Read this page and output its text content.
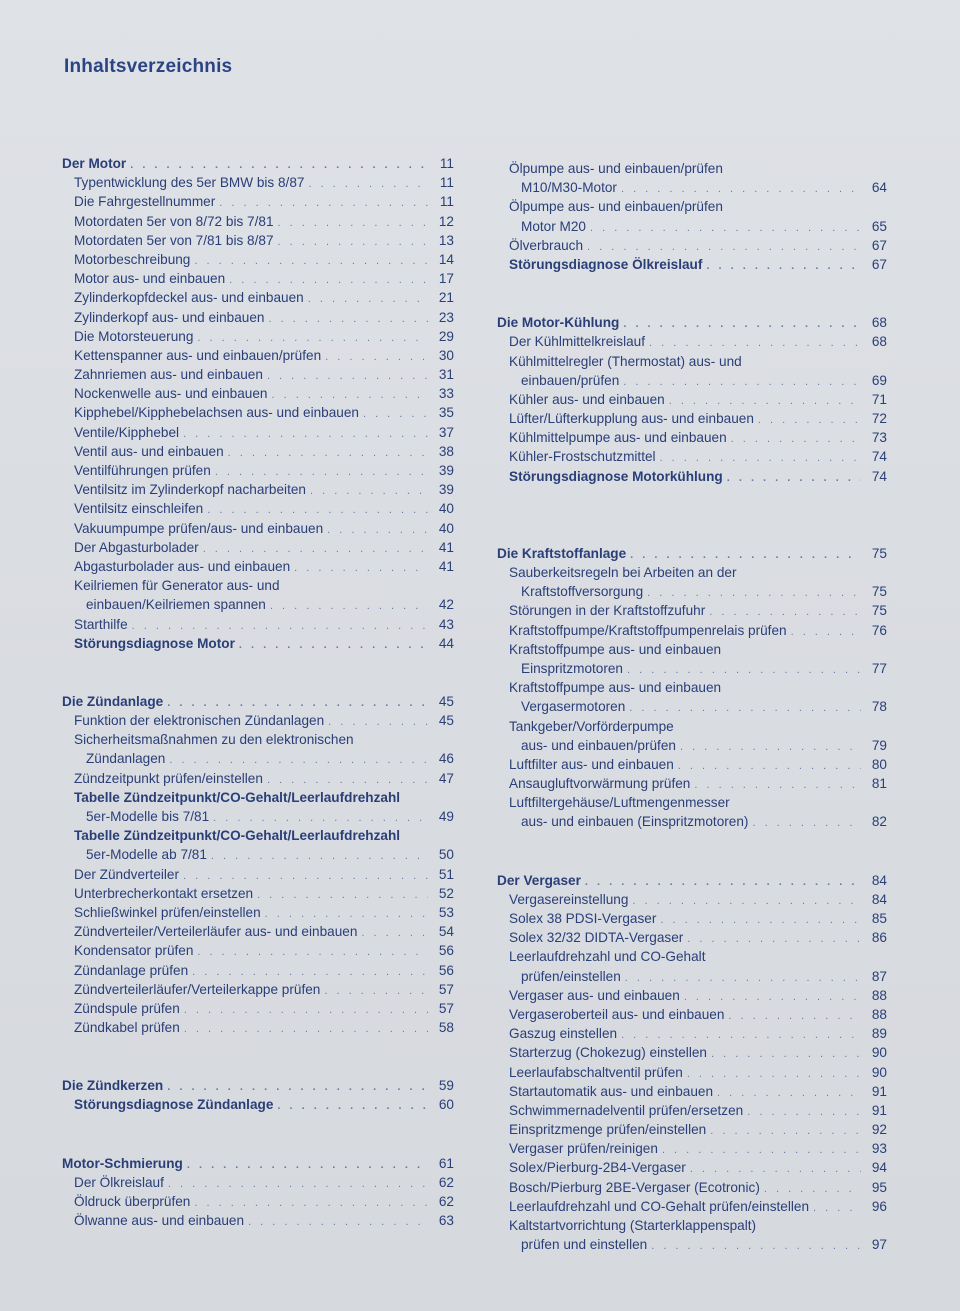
Inhaltsverzeichnis
Der Motor . . .	11
Typentwicklung des 5er BMW bis 8/87 . . .	11
Die Fahrgestellnummer . . .	11
Motordaten 5er von 8/72 bis 7/81 . . .	12
Motordaten 5er von 7/81 bis 8/87 . . .	13
Motorbeschreibung . . .	14
Motor aus- und einbauen . . .	17
Zylinderkopfdeckel aus- und einbauen . . .	21
Zylinderkopf aus- und einbauen . . .	23
Die Motorsteuerung . . .	29
Kettenspanner aus- und einbauen/prüfen . . .	30
Zahnriemen aus- und einbauen . . .	31
Nockenwelle aus- und einbauen . . .	33
Kipphebel/Kipphebelachsen aus- und einbauen . . .	35
Ventile/Kipphebel . . .	37
Ventil aus- und einbauen . . .	38
Ventilführungen prüfen . . .	39
Ventilsitz im Zylinderkopf nacharbeiten . . .	39
Ventilsitz einschleifen . . .	40
Vakuumpumpe prüfen/aus- und einbauen . . .	40
Der Abgasturbolader . . .	41
Abgasturbolader aus- und einbauen . . .	41
Keilriemen für Generator aus- und
einbauen/Keilriemen spannen . . .	42
Starthilfe . . .	43
Störungsdiagnose Motor . . .	44
Die Zündanlage . . .	45
Funktion der elektronischen Zündanlagen . . .	45
Sicherheitsmaßnahmen zu den elektronischen
Zündanlagen . . .	46
Zündzeitpunkt prüfen/einstellen . . .	47
Tabelle Zündzeitpunkt/CO-Gehalt/Leerlaufdrehzahl
5er-Modelle bis 7/81 . . .	49
Tabelle Zündzeitpunkt/CO-Gehalt/Leerlaufdrehzahl
5er-Modelle ab 7/81 . . .	50
Der Zündverteiler . . .	51
Unterbrecherkontakt ersetzen . . .	52
Schließwinkel prüfen/einstellen . . .	53
Zündverteiler/Verteilerläufer aus- und einbauen . . .	54
Kondensator prüfen . . .	56
Zündanlage prüfen . . .	56
Zündverteilerläufer/Verteilerkappe prüfen . . .	57
Zündspule prüfen . . .	57
Zündkabel prüfen . . .	58
Die Zündkerzen . . .	59
Störungsdiagnose Zündanlage . . .	60
Motor-Schmierung . . .	61
Der Ölkreislauf . . .	62
Öldruck überprüfen . . .	62
Ölwanne aus- und einbauen . . .	63
Ölpumpe aus- und einbauen/prüfen
M10/M30-Motor . . .	64
Ölpumpe aus- und einbauen/prüfen
Motor M20 . . .	65
Ölverbrauch . . .	67
Störungsdiagnose Ölkreislauf . . .	67
Die Motor-Kühlung . . .	68
Der Kühlmittelkreislauf . . .	68
Kühlmittelregler (Thermostat) aus- und
einbauen/prüfen . . .	69
Kühler aus- und einbauen . . .	71
Lüfter/Lüfterkupplung aus- und einbauen . . .	72
Kühlmittelpumpe aus- und einbauen . . .	73
Kühler-Frostschutzmittel . . .	74
Störungsdiagnose Motorkühlung . . .	74
Die Kraftstoffanlage . . .	75
Sauberkeitsregeln bei Arbeiten an der
Kraftstoffversorgung . . .	75
Störungen in der Kraftstoffzufuhr . . .	75
Kraftstoffpumpe/Kraftstoffpumpenrelais prüfen . . .	76
Kraftstoffpumpe aus- und einbauen
Einspritzmotoren . . .	77
Kraftstoffpumpe aus- und einbauen
Vergasermotoren . . .	78
Tankgeber/Vorförderpumpe
aus- und einbauen/prüfen . . .	79
Luftfilter aus- und einbauen . . .	80
Ansaugluftvorwärmung prüfen . . .	81
Luftfiltergehäuse/Luftmengenmesser
aus- und einbauen (Einspritzmotoren) . . .	82
Der Vergaser . . .	84
Vergasereinstellung . . .	84
Solex 38 PDSI-Vergaser . . .	85
Solex 32/32 DIDTA-Vergaser . . .	86
Leerlaufdrehzahl und CO-Gehalt
prüfen/einstellen . . .	87
Vergaser aus- und einbauen . . .	88
Vergaseroberteil aus- und einbauen . . .	88
Gaszug einstellen . . .	89
Starterzug (Chokezug) einstellen . . .	90
Leerlaufabschaltventil prüfen . . .	90
Startautomatik aus- und einbauen . . .	91
Schwimmernadelventil prüfen/ersetzen . . .	91
Einspritzmenge prüfen/einstellen . . .	92
Vergaser prüfen/reinigen . . .	93
Solex/Pierburg-2B4-Vergaser . . .	94
Bosch/Pierburg 2BE-Vergaser (Ecotronic) . . .	95
Leerlaufdrehzahl und CO-Gehalt prüfen/einstellen . . .	96
Kaltstartvorrichtung (Starterklappenspalt)
prüfen und einstellen . . .	97
